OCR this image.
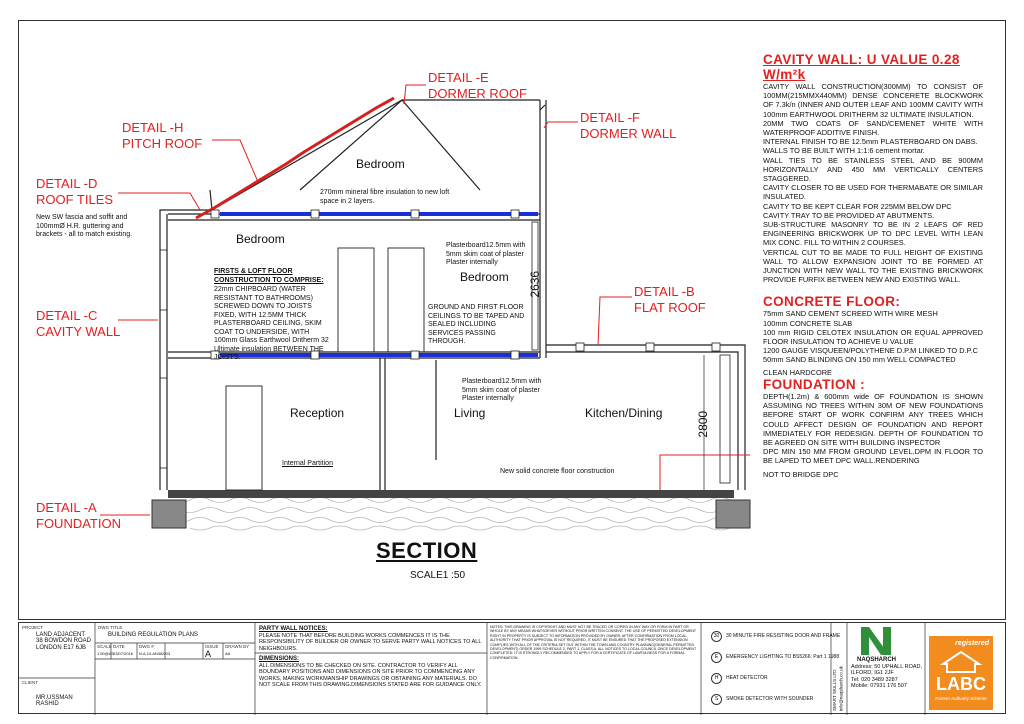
DETAIL -E
DORMER ROOF
DETAIL -F
DORMER WALL
DETAIL -H
PITCH ROOF
DETAIL -D
ROOF TILES
DETAIL -C
CAVITY WALL
DETAIL -B
FLAT ROOF
DETAIL -A
FOUNDATION
Bedroom
Bedroom
Bedroom
Reception	Living	Kitchen/Dining
270mm mineral fibre insulation to new loft space in 2 layers.
New SW fascia and soffit and 100mmØ H.R. guttering and brackets - all to match existing.
Plasterboard12.5mm with 5mm skim coat of plaster Plaster internally
FIRSTS & LOFT FLOOR CONSTRUCTION TO COMPRISE:
22mm CHIPBOARD (WATER RESISTANT TO BATHROOMS) SCREWED DOWN TO JOISTS FIXED, WITH 12.5MM THICK PLASTERBOARD CEILING, SKIM COAT TO UNDERSIDE, WITH 100mm Glass Earthwool Dritherm 32 Ultimate insulation BETWEEN THE JOISTS.
GROUND AND FIRST FLOOR CEILINGS TO BE TAPED AND SEALED INCLUDING SERVICES PASSING THROUGH.
Plasterboard12.5mm with 5mm skim coat of plaster Plaster internally
Internal Partition
New solid concrete floor construction
2636
2800
SECTION
SCALE1 :50
CAVITY WALL: U VALUE 0.28 W/m²k

CAVITY WALL CONSTRUCTION(300MM) TO CONSIST OF 100MM(215MMX440MM) DENSE CONCERETE BLOCKWORK OF 7.3k/n (INNER AND OUTER LEAF AND 100MM CAVITY WITH 100mm EARTHWOOL DRITHERM 32 ULTIMATE INSULATION.

20MM TWO COATS OF SAND/CEMENET WHITE WITH WATERPROOF ADDITIVE FINISH.

INTERNAL FINISH TO BE 12.5mm PLASTERBOARD ON DABS.

WALLS TO BE BUILT WITH 1:1:6 cement mortar.

WALL TIES TO BE STAINLESS STEEL AND BE 900MM HORIZONTALLY AND 450 MM VERTICALLY CENTERS STAGGERED.

CAVITY CLOSER TO BE USED FOR THERMABATE OR SIMILAR INSULATED.

CAVITY TO BE KEPT CLEAR FOR 225MM BELOW DPC

CAVITY TRAY TO BE PROVIDED AT ABUTMENTS.

SUB-STRUCTURE MASONRY TO BE IN 2 LEAFS OF RED ENGINEERING BRICKWORK UP TO DPC LEVEL WITH LEAN MIX CONC. FILL TO WITHIN 2 COURSES.

VERTICAL CUT TO BE MADE TO FULL HEIGHT OF EXISTING WALL TO ALLOW EXPANSION JOINT TO BE FORMED AT JUNCTION WITH NEW WALL TO THE EXISTING BRICKWORK PROVIDE FURFIX BETWEEN NEW AND EXISTING WALL.

CONCRETE FLOOR:

75mm SAND CEMENT SCREED WITH WIRE MESH

100mm CONCRETE SLAB

100 mm RIGID CELOTEX INSULATION OR EQUAL APPROVED FLOOR INSULATION TO ACHIEVE U VALUE

1200 GAUGE VISQUEEN/POLYTHENE D.P.M LINKED TO D.P.C

50mm SAND BLINDING ON 150 mm WELL COMPACTED

CLEAN HARDCORE

FOUNDATION :

DEPTH(1.2m) & 600mm wide OF FOUNDATION IS SHOWN ASSUMING NO TREES WITHIN 30M OF NEW FOUNDATIONS BEFORE START OF WORK CONFIRM ANY TREES WHICH COULD AFFECT DESIGN OF FOUNDATION AND REPORT IMMEDIATELY FOR REDESIGN. DEPTH OF FOUNDATION TO BE AGREED ON SITE WITH BUILDING INSPECTOR

DPC MIN 150 MM FROM GROUND LEVEL.DPM IN FLOOR TO BE LAPED TO MEET DPC WALL.RENDERING

NOT TO BRIDGE DPC

PROJECT
LAND ADJACENT 38 BOWDON ROAD LONDON E17 6JB
CLIENT
MR.USSMAN RASHID
DWG TITLE
BUILDING REGULATION PLANS
SCALE
1:50@A3
DATE
03/07/2016
DWG #
N.A.1/LAN38/003
ISSUE
A
DRAWN BY
AA
PARTY WALL NOTICES:
PLEASE NOTE THAT BEFORE BUILDING WORKS COMMENCES IT IS THE RESPONSIBILITY OF BUILDER OR OWNER TO SERVE PARTY WALL NOTICES TO ALL NEIGHBOURS.
DIMENSIONS:
ALL DIMENSIONS TO BE CHECKED ON SITE. CONTRACTOR TO VERIFY ALL BOUNDARY POSITIONS AND DIMENSIONS ON SITE PRIOR TO COMMENCING ANY WORKS, MAKING WORKMANSHIP DRAWINGS OR OBTAINING ANY MATERIALS. DO NOT SCALE FROM THIS DRAWING.DIMENSIONS STATED ARE FOR GUIDANCE ONLY.
NOTES: THIS DRAWING IS COPYRIGHT AND MUST NOT BE TRACED OR COPIED IN ANY WAY OR FORM IN PART OR WHOLE BY ANY MEANS WHATSOEVER WITHOUT PRIOR WRITTEN CONSENT. THE USE OF PERMITTED DEVELOPMENT RIGHT IN PROPERTY IS SUBJECT TO INFORMATION PROVIDED BY OWNER. AFTER CONFIRMATION FROM LOCAL AUTHORITY THAT PRIOR APPROVAL IS NOT REQUIRED, IT MUST BE ENSURED THAT THE PROPOSED EXTENSION COMPLIES WITH ALL OF THE CRITERIA SET OUT WITHIN THE TOWN AND COUNTRY PLANNING(GENERAL PERMITTED DEVELOPMENT) ORDER 1995 SCHEDULE 2, PART 1, CLASS A. ALL NOTICES TO LOCAL COUNCIL ONCE DEVELOPMENT COMPLETED. IT IS STRONGLY RECOMMENDED TO APPLY FOR A CERTIFICATE OF LAWFULNESS FOR A FORMAL CONFIRMATION.
30	30 MINUTE FIRE RESISTING DOOR AND FRAME
E	EMERGENCY LIGHTING TO BS5266: Part 1 1988
H	HEAT DETECTOR
S	SMOKE DETECTOR WITH SOUNDER	SMART SKILLS LTD info@naqsharch.co.uk
NAQSHARCH
Address: 50 UPHALL ROAD, ILFORD, IG1 2JF
Tel: 020 3489 3287
Mobile: 07931 176 507
registered
LABC
Partner Authority Scheme
